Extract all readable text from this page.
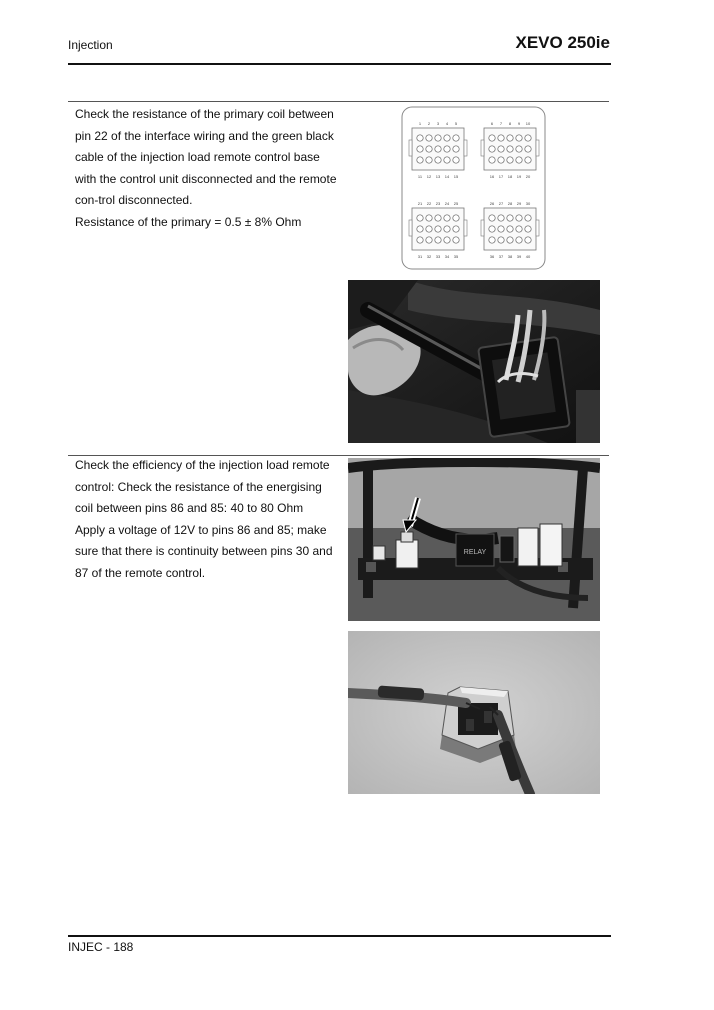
Injection	XEVO 250ie

Check the resistance of the primary coil between pin 22 of the interface wiring and the green black cable of the injection load remote control base with the control unit disconnected and the remote con-trol disconnected.

Resistance of the primary = 0.5 ± 8% Ohm

1 2 3 4 5
11 12 13 14 15
6 7 8 9 10
16 17 18 19 20
21 22 23 24 25
31 32 33 34 35
26 27 28 29 30
36 37 38 39 40

Check the efficiency of the injection load remote control: Check the resistance of the energising coil between pins 86 and 85: 40 to 80 Ohm

Apply a voltage of 12V to pins 86 and 85; make sure that there is continuity between pins 30 and 87 of the remote control.

RELAY
INJEC - 188
